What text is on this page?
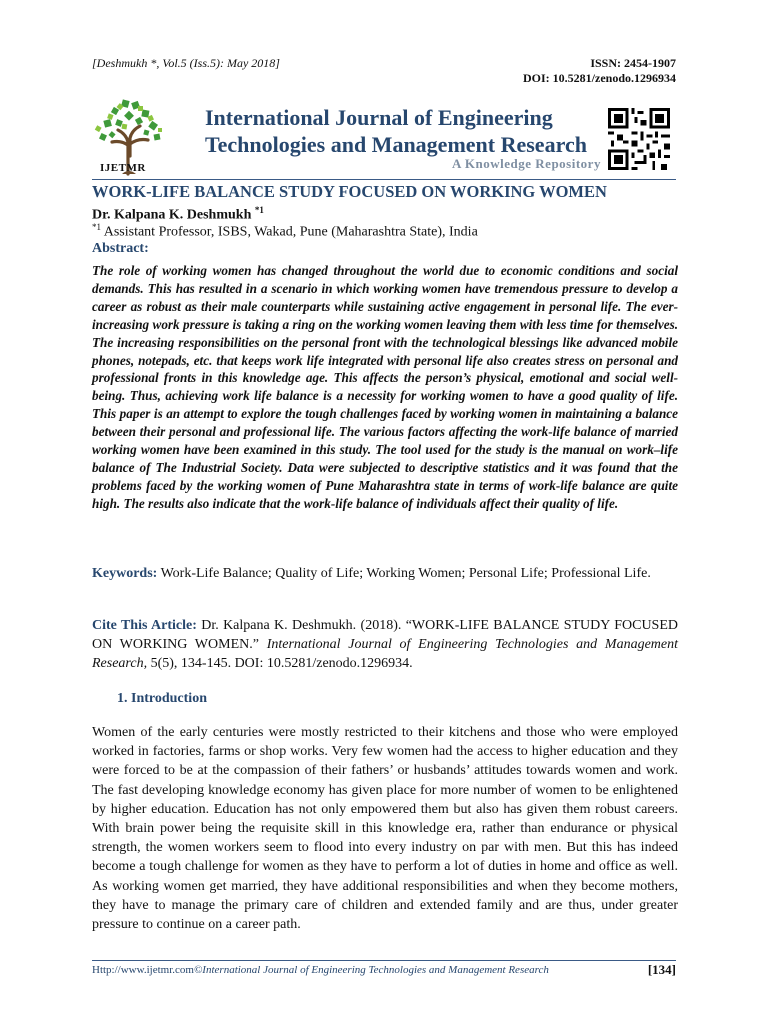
[Deshmukh *, Vol.5 (Iss.5): May 2018]	ISSN: 2454-1907
DOI: 10.5281/zenodo.1296934
IJETMR
International Journal of Engineering
Technologies and Management Research
A Knowledge Repository
WORK-LIFE BALANCE STUDY FOCUSED ON WORKING WOMEN
Dr. Kalpana K. Deshmukh $^{*1}$
$^{*1}$ Assistant Professor, ISBS, Wakad, Pune (Maharashtra State), India
Abstract:
The role of working women has changed throughout the world due to economic conditions and social demands. This has resulted in a scenario in which working women have tremendous pressure to develop a career as robust as their male counterparts while sustaining active engagement in personal life. The ever-increasing work pressure is taking a ring on the working women leaving them with less time for themselves. The increasing responsibilities on the personal front with the technological blessings like advanced mobile phones, notepads, etc. that keeps work life integrated with personal life also creates stress on personal and professional fronts in this knowledge age. This affects the person’s physical, emotional and social well-being. Thus, achieving work life balance is a necessity for working women to have a good quality of life. This paper is an attempt to explore the tough challenges faced by working women in maintaining a balance between their personal and professional life. The various factors affecting the work-life balance of married working women have been examined in this study. The tool used for the study is the manual on work–life balance of The Industrial Society. Data were subjected to descriptive statistics and it was found that the problems faced by the working women of Pune Maharashtra state in terms of work-life balance are quite high. The results also indicate that the work-life balance of individuals affect their quality of life.
Keywords: Work-Life Balance; Quality of Life; Working Women; Personal Life; Professional Life.
Cite This Article: Dr. Kalpana K. Deshmukh. (2018). “WORK-LIFE BALANCE STUDY FOCUSED ON WORKING WOMEN.” International Journal of Engineering Technologies and Management Research, 5(5), 134-145. DOI: 10.5281/zenodo.1296934.
1. Introduction
Women of the early centuries were mostly restricted to their kitchens and those who were employed worked in factories, farms or shop works. Very few women had the access to higher education and they were forced to be at the compassion of their fathers’ or husbands’ attitudes towards women and work. The fast developing knowledge economy has given place for more number of women to be enlightened by higher education. Education has not only empowered them but also has given them robust careers. With brain power being the requisite skill in this knowledge era, rather than endurance or physical strength, the women workers seem to flood into every industry on par with men. But this has indeed become a tough challenge for women as they have to perform a lot of duties in home and office as well. As working women get married, they have additional responsibilities and when they become mothers, they have to manage the primary care of children and extended family and are thus, under greater pressure to continue on a career path.
Http://www.ijetmr.com©International Journal of Engineering Technologies and Management Research	[134]
